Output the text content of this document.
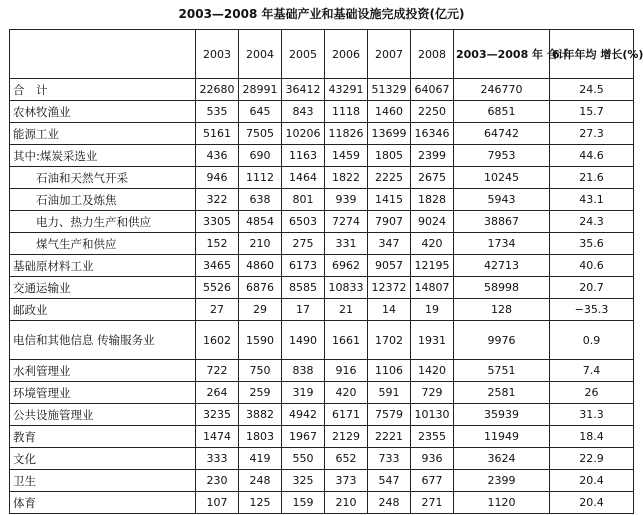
2003—2008 年基础产业和基础设施完成投资(亿元)
	2003	2004	2005	2006	2007	2008	2003—2008 年 合计	6 年年均 增长(%)
合　计	22680	28991	36412	43291	51329	64067	246770	24.5
农林牧渔业	535	645	843	1118	1460	2250	6851	15.7
能源工业	5161	7505	10206	11826	13699	16346	64742	27.3
其中:煤炭采选业	436	690	1163	1459	1805	2399	7953	44.6
石油和天然气开采	946	1112	1464	1822	2225	2675	10245	21.6
石油加工及炼焦	322	638	801	939	1415	1828	5943	43.1
电力、热力生产和供应	3305	4854	6503	7274	7907	9024	38867	24.3
煤气生产和供应	152	210	275	331	347	420	1734	35.6
基础原材料工业	3465	4860	6173	6962	9057	12195	42713	40.6
交通运输业	5526	6876	8585	10833	12372	14807	58998	20.7
邮政业	27	29	17	21	14	19	128	−35.3
电信和其他信息 传输服务业	1602	1590	1490	1661	1702	1931	9976	0.9
水利管理业	722	750	838	916	1106	1420	5751	7.4
环境管理业	264	259	319	420	591	729	2581	26
公共设施管理业	3235	3882	4942	6171	7579	10130	35939	31.3
教育	1474	1803	1967	2129	2221	2355	11949	18.4
文化	333	419	550	652	733	936	3624	22.9
卫生	230	248	325	373	547	677	2399	20.4
体育	107	125	159	210	248	271	1120	20.4
